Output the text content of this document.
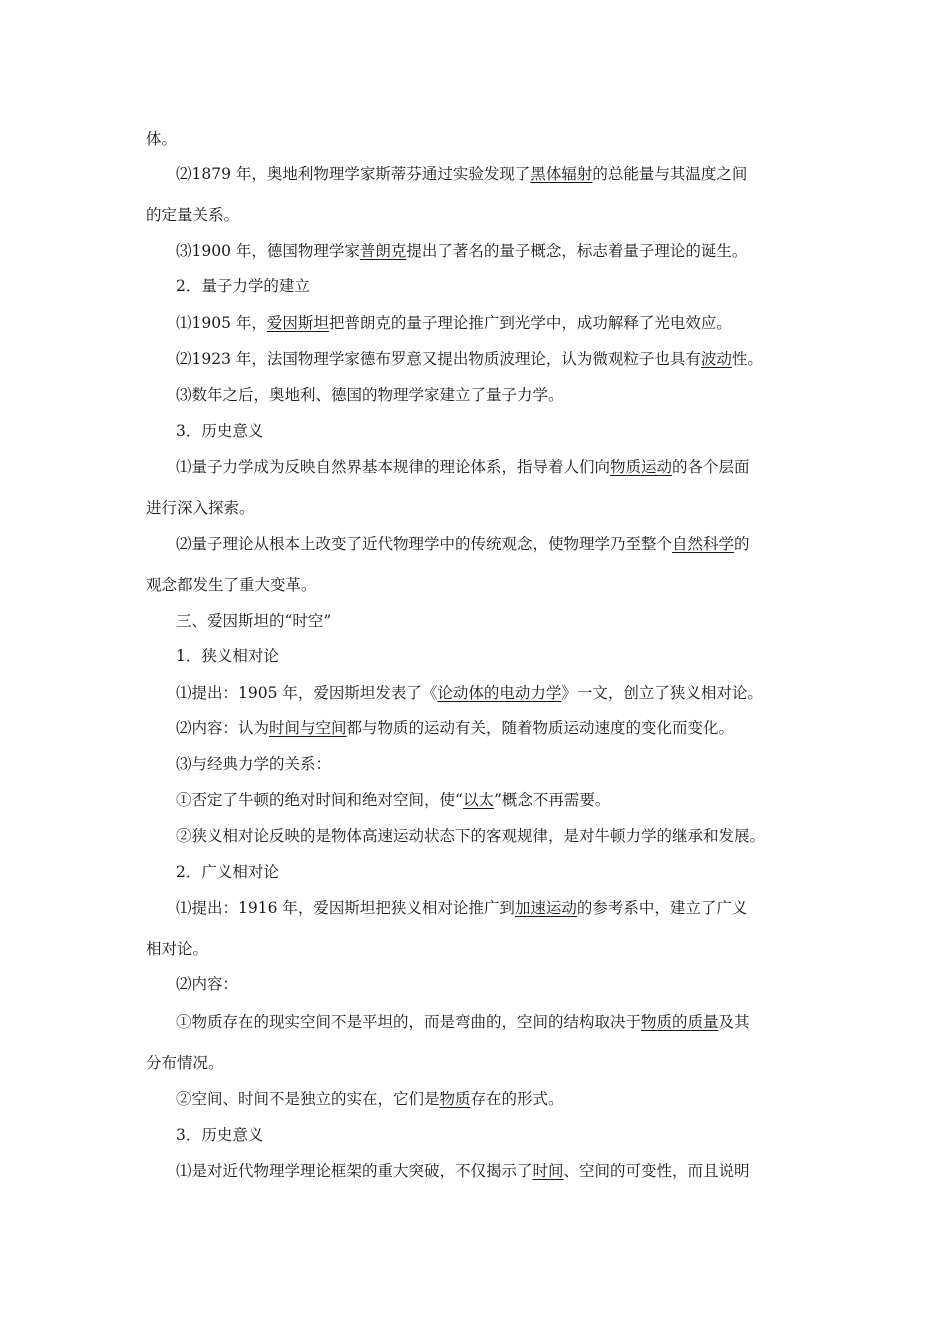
体。
⑵1879 年，奥地利物理学家斯蒂芬通过实验发现了黑体辐射的总能量与其温度之间
的定量关系。
⑶1900 年，德国物理学家普朗克提出了著名的量子概念，标志着量子理论的诞生。
2．量子力学的建立
⑴1905 年，爱因斯坦把普朗克的量子理论推广到光学中，成功解释了光电效应。
⑵1923 年，法国物理学家德布罗意又提出物质波理论，认为微观粒子也具有波动性。
⑶数年之后，奥地利、德国的物理学家建立了量子力学。
3．历史意义
⑴量子力学成为反映自然界基本规律的理论体系，指导着人们向物质运动的各个层面
进行深入探索。
⑵量子理论从根本上改变了近代物理学中的传统观念，使物理学乃至整个自然科学的
观念都发生了重大变革。
三、爱因斯坦的“时空”
1．狭义相对论
⑴提出：1905 年，爱因斯坦发表了《论动体的电动力学》一文，创立了狭义相对论。
⑵内容：认为时间与空间都与物质的运动有关，随着物质运动速度的变化而变化。
⑶与经典力学的关系：
①否定了牛顿的绝对时间和绝对空间，使“以太”概念不再需要。
②狭义相对论反映的是物体高速运动状态下的客观规律，是对牛顿力学的继承和发展。
2．广义相对论
⑴提出：1916 年，爱因斯坦把狭义相对论推广到加速运动的参考系中，建立了广义
相对论。
⑵内容：
①物质存在的现实空间不是平坦的，而是弯曲的，空间的结构取决于物质的质量及其
分布情况。
②空间、时间不是独立的实在，它们是物质存在的形式。
3．历史意义
⑴是对近代物理学理论框架的重大突破，不仅揭示了时间、空间的可变性，而且说明
